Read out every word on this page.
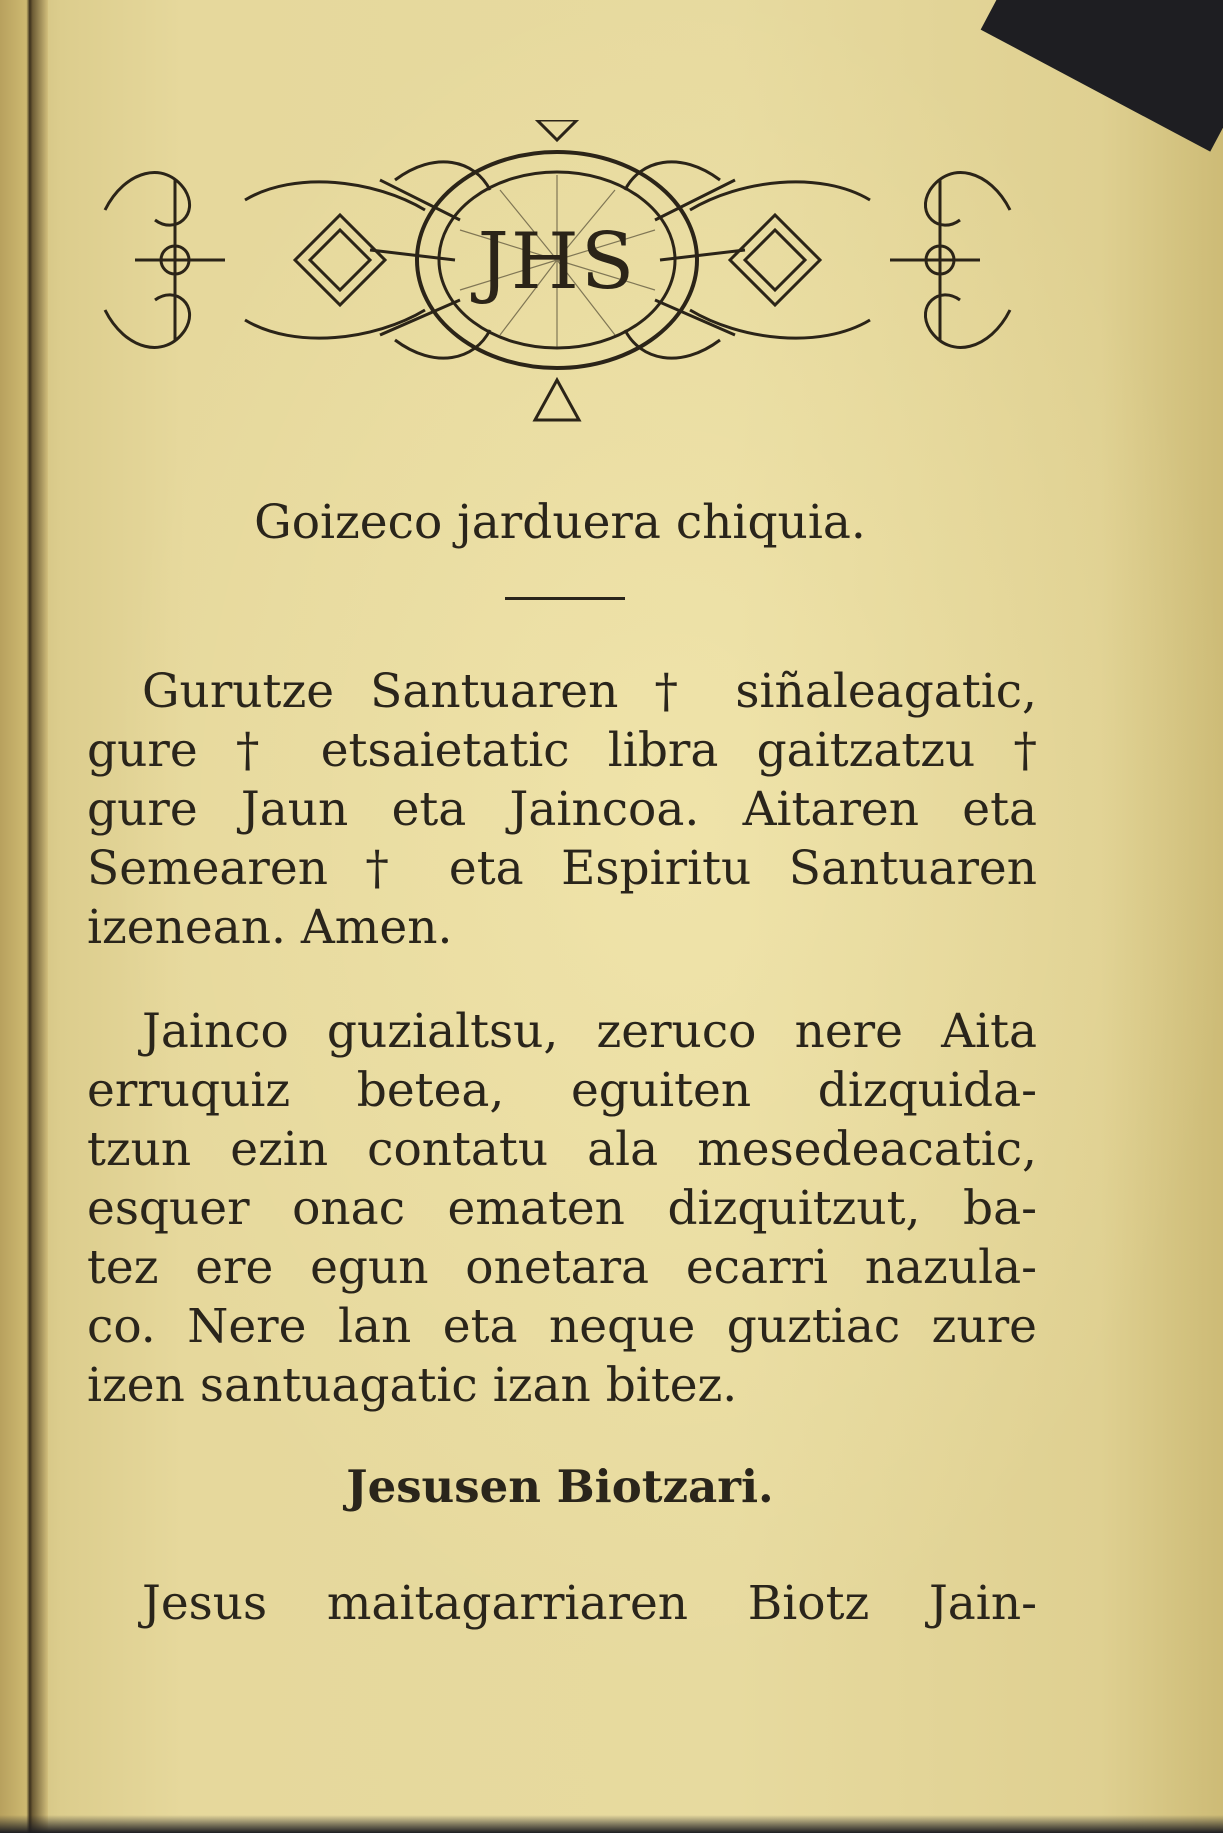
JHS
Goizeco jarduera chiquia.
Gurutze Santuaren † siñaleagatic,
gure † etsaietatic libra gaitzatzu †
gure Jaun eta Jaincoa. Aitaren eta
Semearen † eta Espiritu Santuaren
izenean. Amen.
Jainco guzialtsu, zeruco nere Aita
erruquiz betea, eguiten dizquida-
tzun ezin contatu ala mesedeacatic,
esquer onac ematen dizquitzut, ba-
tez ere egun onetara ecarri nazula-
co. Nere lan eta neque guztiac zure
izen santuagatic izan bitez.
Jesusen Biotzari.
Jesus maitagarriaren Biotz Jain-
